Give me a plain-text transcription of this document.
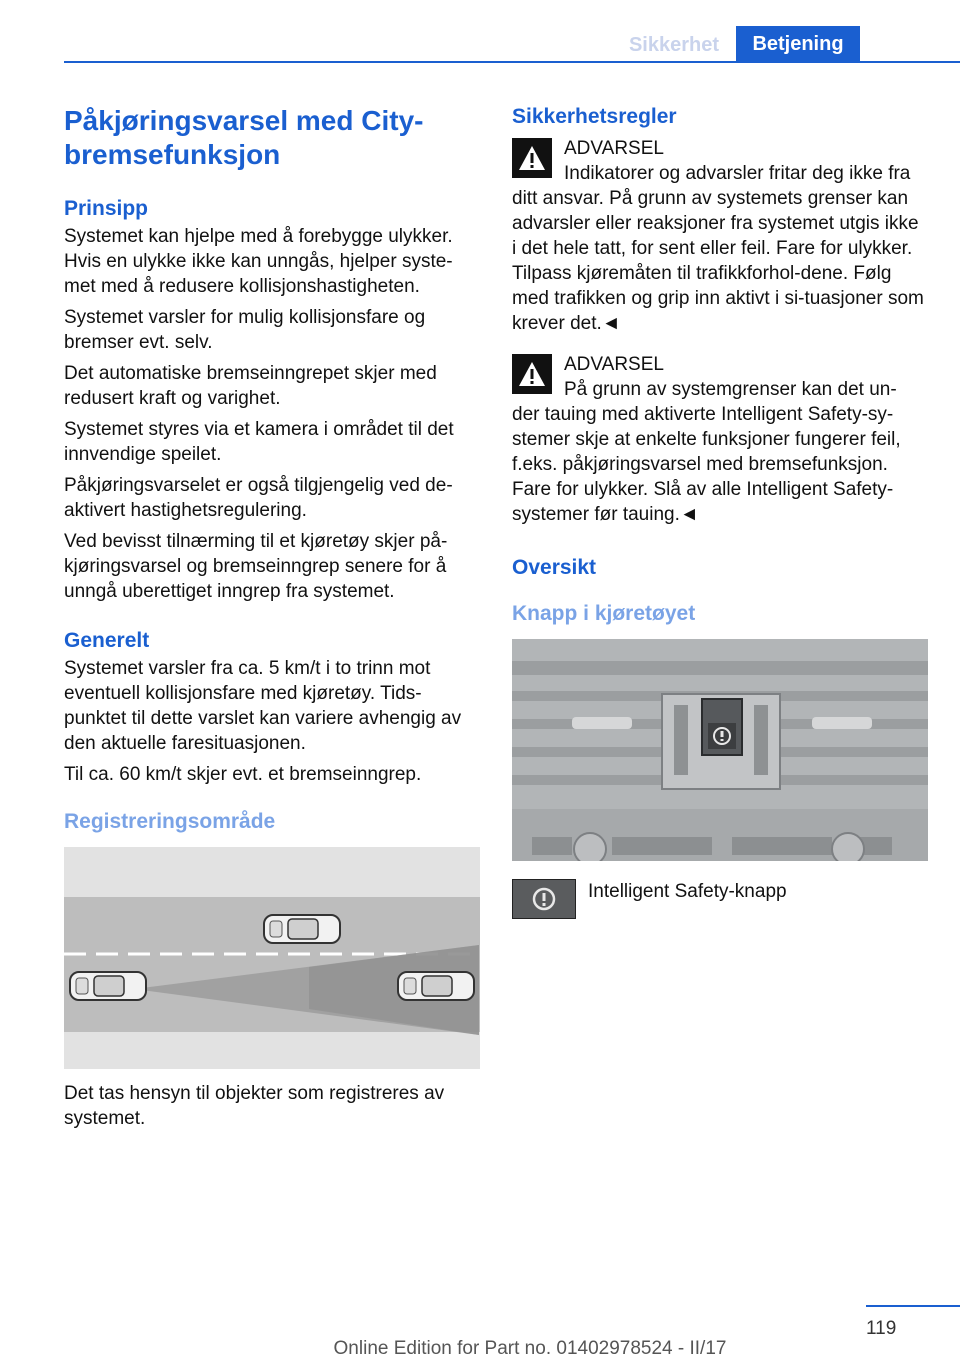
Sikkerhet	Betjening
Påkjøringsvarsel med City-
bremsefunksjon
Prinsipp

Systemet kan hjelpe med å forebygge ulykker. Hvis en ulykke ikke kan unngås, hjelper syste-met med å redusere kollisjonshastigheten.

Systemet varsler for mulig kollisjonsfare og bremser evt. selv.

Det automatiske bremseinngrepet skjer med redusert kraft og varighet.

Systemet styres via et kamera i området til det innvendige speilet.

Påkjøringsvarselet er også tilgjengelig ved de-aktivert hastighetsregulering.

Ved bevisst tilnærming til et kjøretøy skjer på-kjøringsvarsel og bremseinngrep senere for å unngå uberettiget inngrep fra systemet.

Generelt

Systemet varsler fra ca. 5 km/t i to trinn mot eventuell kollisjonsfare med kjøretøy. Tids-punktet til dette varslet kan variere avhengig av den aktuelle faresituasjonen.

Til ca. 60 km/t skjer evt. et bremseinngrep.

Registreringsområde

Det tas hensyn til objekter som registreres av systemet.

Sikkerhetsregler
ADVARSEL
Indikatorer og advarsler fritar deg ikke fra
ditt ansvar. På grunn av systemets grenser kan advarsler eller reaksjoner fra systemet utgis ikke i det hele tatt, for sent eller feil. Fare for ulykker. Tilpass kjøremåten til trafikkforhol-dene. Følg med trafikken og grip inn aktivt i si-tuasjoner som krever det.◄
ADVARSEL
På grunn av systemgrenser kan det un-
der tauing med aktiverte Intelligent Safety-sy-stemer skje at enkelte funksjoner fungerer feil, f.eks. påkjøringsvarsel med bremsefunksjon. Fare for ulykker. Slå av alle Intelligent Safety-systemer før tauing.◄
Oversikt
Knapp i kjøretøyet
Intelligent Safety-knapp
119
Online Edition for Part no. 01402978524 - II/17
